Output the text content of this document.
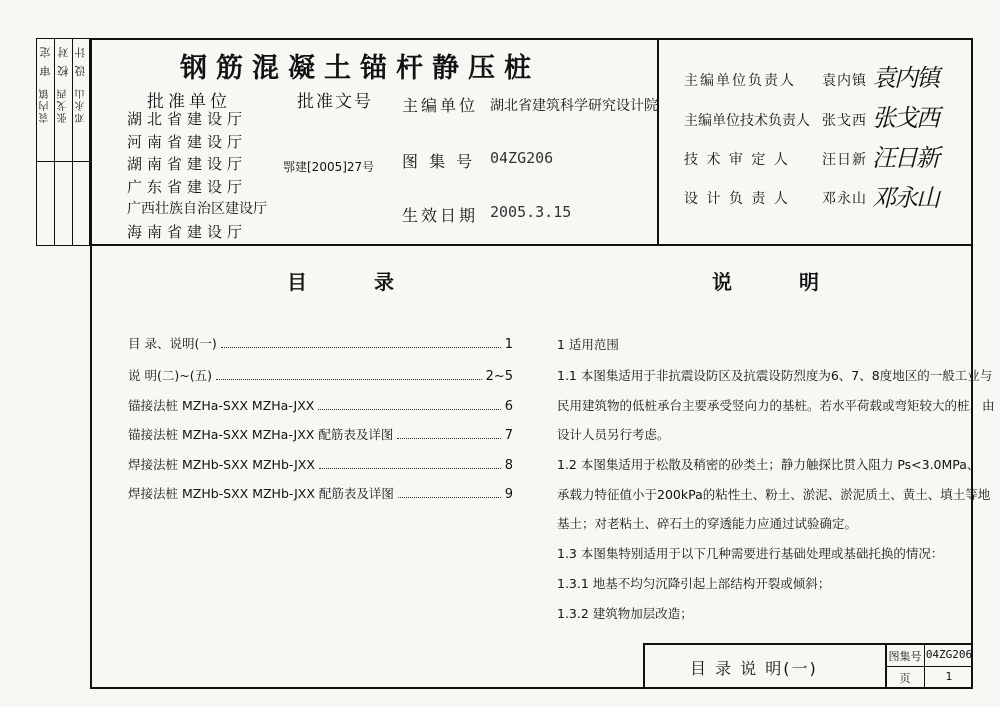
审 定
袁内镇
校 对
张戈西
设 计
邓永山
钢筋混凝土锚杆静压桩
批准单位	批准文号
湖北省建设厅
河南省建设厅
湖南省建设厅
广东省建设厅
广西壮族自治区建设厅
海南省建设厅
鄂建[2005]27号
主编单位 湖北省建筑科学研究设计院
图 集 号 04ZG206
生效日期 2005.3.15
主编单位负责人 袁内镇 袁内镇
主编单位技术负责人 张戈西 张戈西
技 术 审 定 人 汪日新 汪日新
设 计 负 责 人 邓永山 邓永山
目 录	说 明
目 录、说明(一)	1
说 明(二)~(五)	2~5
锚接法桩 MZHa-SXX MZHa-JXX	6
锚接法桩 MZHa-SXX MZHa-JXX 配筋表及详图	7
焊接法桩 MZHb-SXX MZHb-JXX	8
焊接法桩 MZHb-SXX MZHb-JXX 配筋表及详图	9
1 适用范围
1.1 本图集适用于非抗震设防区及抗震设防烈度为6、7、8度地区的一般工业与
民用建筑物的低桩承台主要承受竖向力的基桩。若水平荷载或弯矩较大的桩，由
设计人员另行考虑。
1.2 本图集适用于松散及稍密的砂类土；静力触探比贯入阻力 Ps<3.0MPa、
承载力特征值小于200kPa的粘性土、粉土、淤泥、淤泥质土、黄土、填土等地
基土；对老粘土、碎石土的穿透能力应通过试验确定。
1.3 本图集特别适用于以下几种需要进行基础处理或基础托换的情况：
1.3.1 地基不均匀沉降引起上部结构开裂或倾斜；
1.3.2 建筑物加层改造；
目 录 说 明(一)
图集号 04ZG206
页	1
